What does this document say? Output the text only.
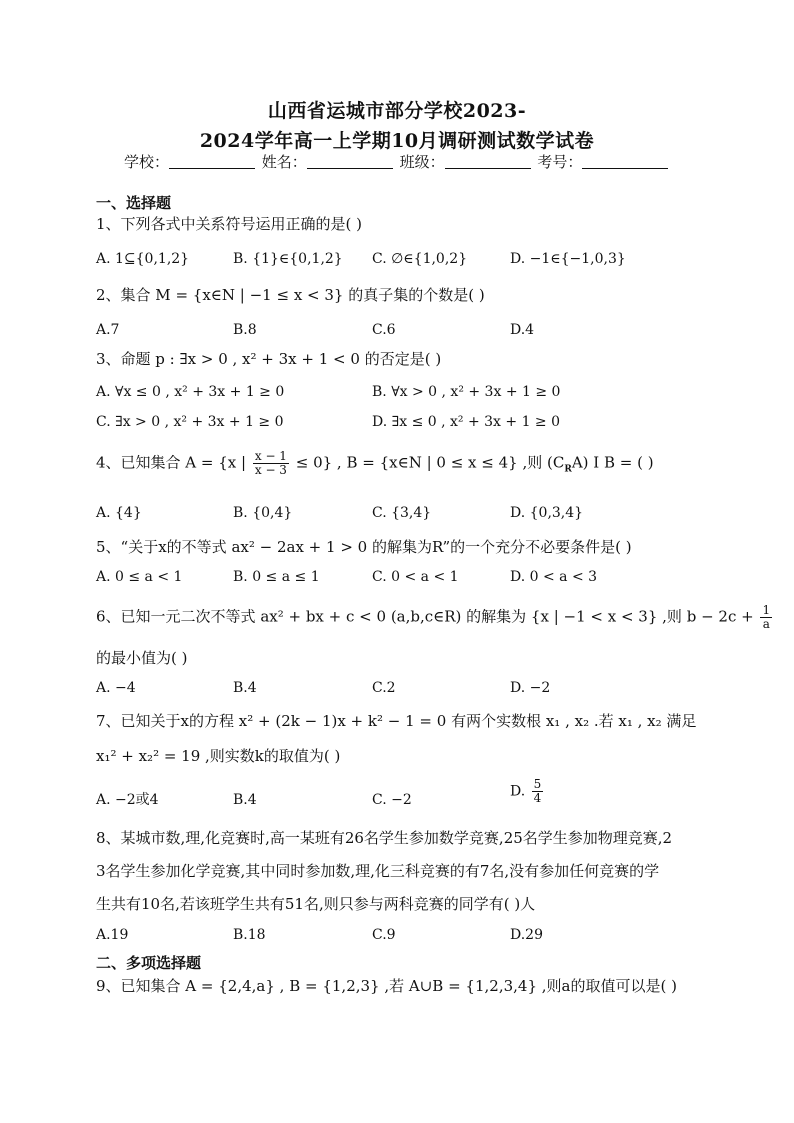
山西省运城市部分学校2023-
2024学年高一上学期10月调研测试数学试卷
学校：	姓名：	班级：	考号：
一、选择题
1、下列各式中关系符号运用正确的是( )
A. 1⊆{0,1,2}	B. {1}∈{0,1,2} C. ∅∈{1,0,2}	D. −1∈{−1,0,3}
2、集合 M = {x∈N | −1 ≤ x < 3} 的真子集的个数是( )
A.7	B.8	C.6	D.4
3、命题 p : ∃x > 0 , x² + 3x + 1 < 0 的否定是( )
A. ∀x ≤ 0 , x² + 3x + 1 ≥ 0	B. ∀x > 0 , x² + 3x + 1 ≥ 0
C. ∃x > 0 , x² + 3x + 1 ≥ 0	D. ∃x ≤ 0 , x² + 3x + 1 ≥ 0
4、已知集合 A = {x | $\frac{x - 1}{x - 3} \le 0$} , B = {x∈N | 0 ≤ x ≤ 4} ,则 $(C_RA)$ I B = ( )
A. {4}	B. {0,4}	C. {3,4}	D. {0,3,4}
5、“关于x的不等式 ax² − 2ax + 1 > 0 的解集为R”的一个充分不必要条件是( )
A. 0 ≤ a < 1	B. 0 ≤ a ≤ 1	C. 0 < a < 1	D. 0 < a < 3
6、已知一元二次不等式 ax² + bx + c < 0 (a,b,c∈R) 的解集为 {x | −1 < x < 3} ,则 $b - 2c + \frac{1}{a}$
的最小值为( )
A. −4	B.4	C.2	D. −2
7、已知关于x的方程 x² + (2k − 1)x + k² − 1 = 0 有两个实数根 x₁ , x₂ .若 x₁ , x₂ 满足
x₁² + x₂² = 19 ,则实数k的取值为( )
A. −2或4	B.4	C. −2
D. $\frac{5}{4}$
8、某城市数,理,化竞赛时,高一某班有26名学生参加数学竞赛,25名学生参加物理竞赛,2
3名学生参加化学竞赛,其中同时参加数,理,化三科竞赛的有7名,没有参加任何竞赛的学
生共有10名,若该班学生共有51名,则只参与两科竞赛的同学有( )人
A.19	B.18	C.9	D.29
二、多项选择题
9、已知集合 A = {2,4,a} , B = {1,2,3} ,若 A∪B = {1,2,3,4} ,则a的取值可以是( )
